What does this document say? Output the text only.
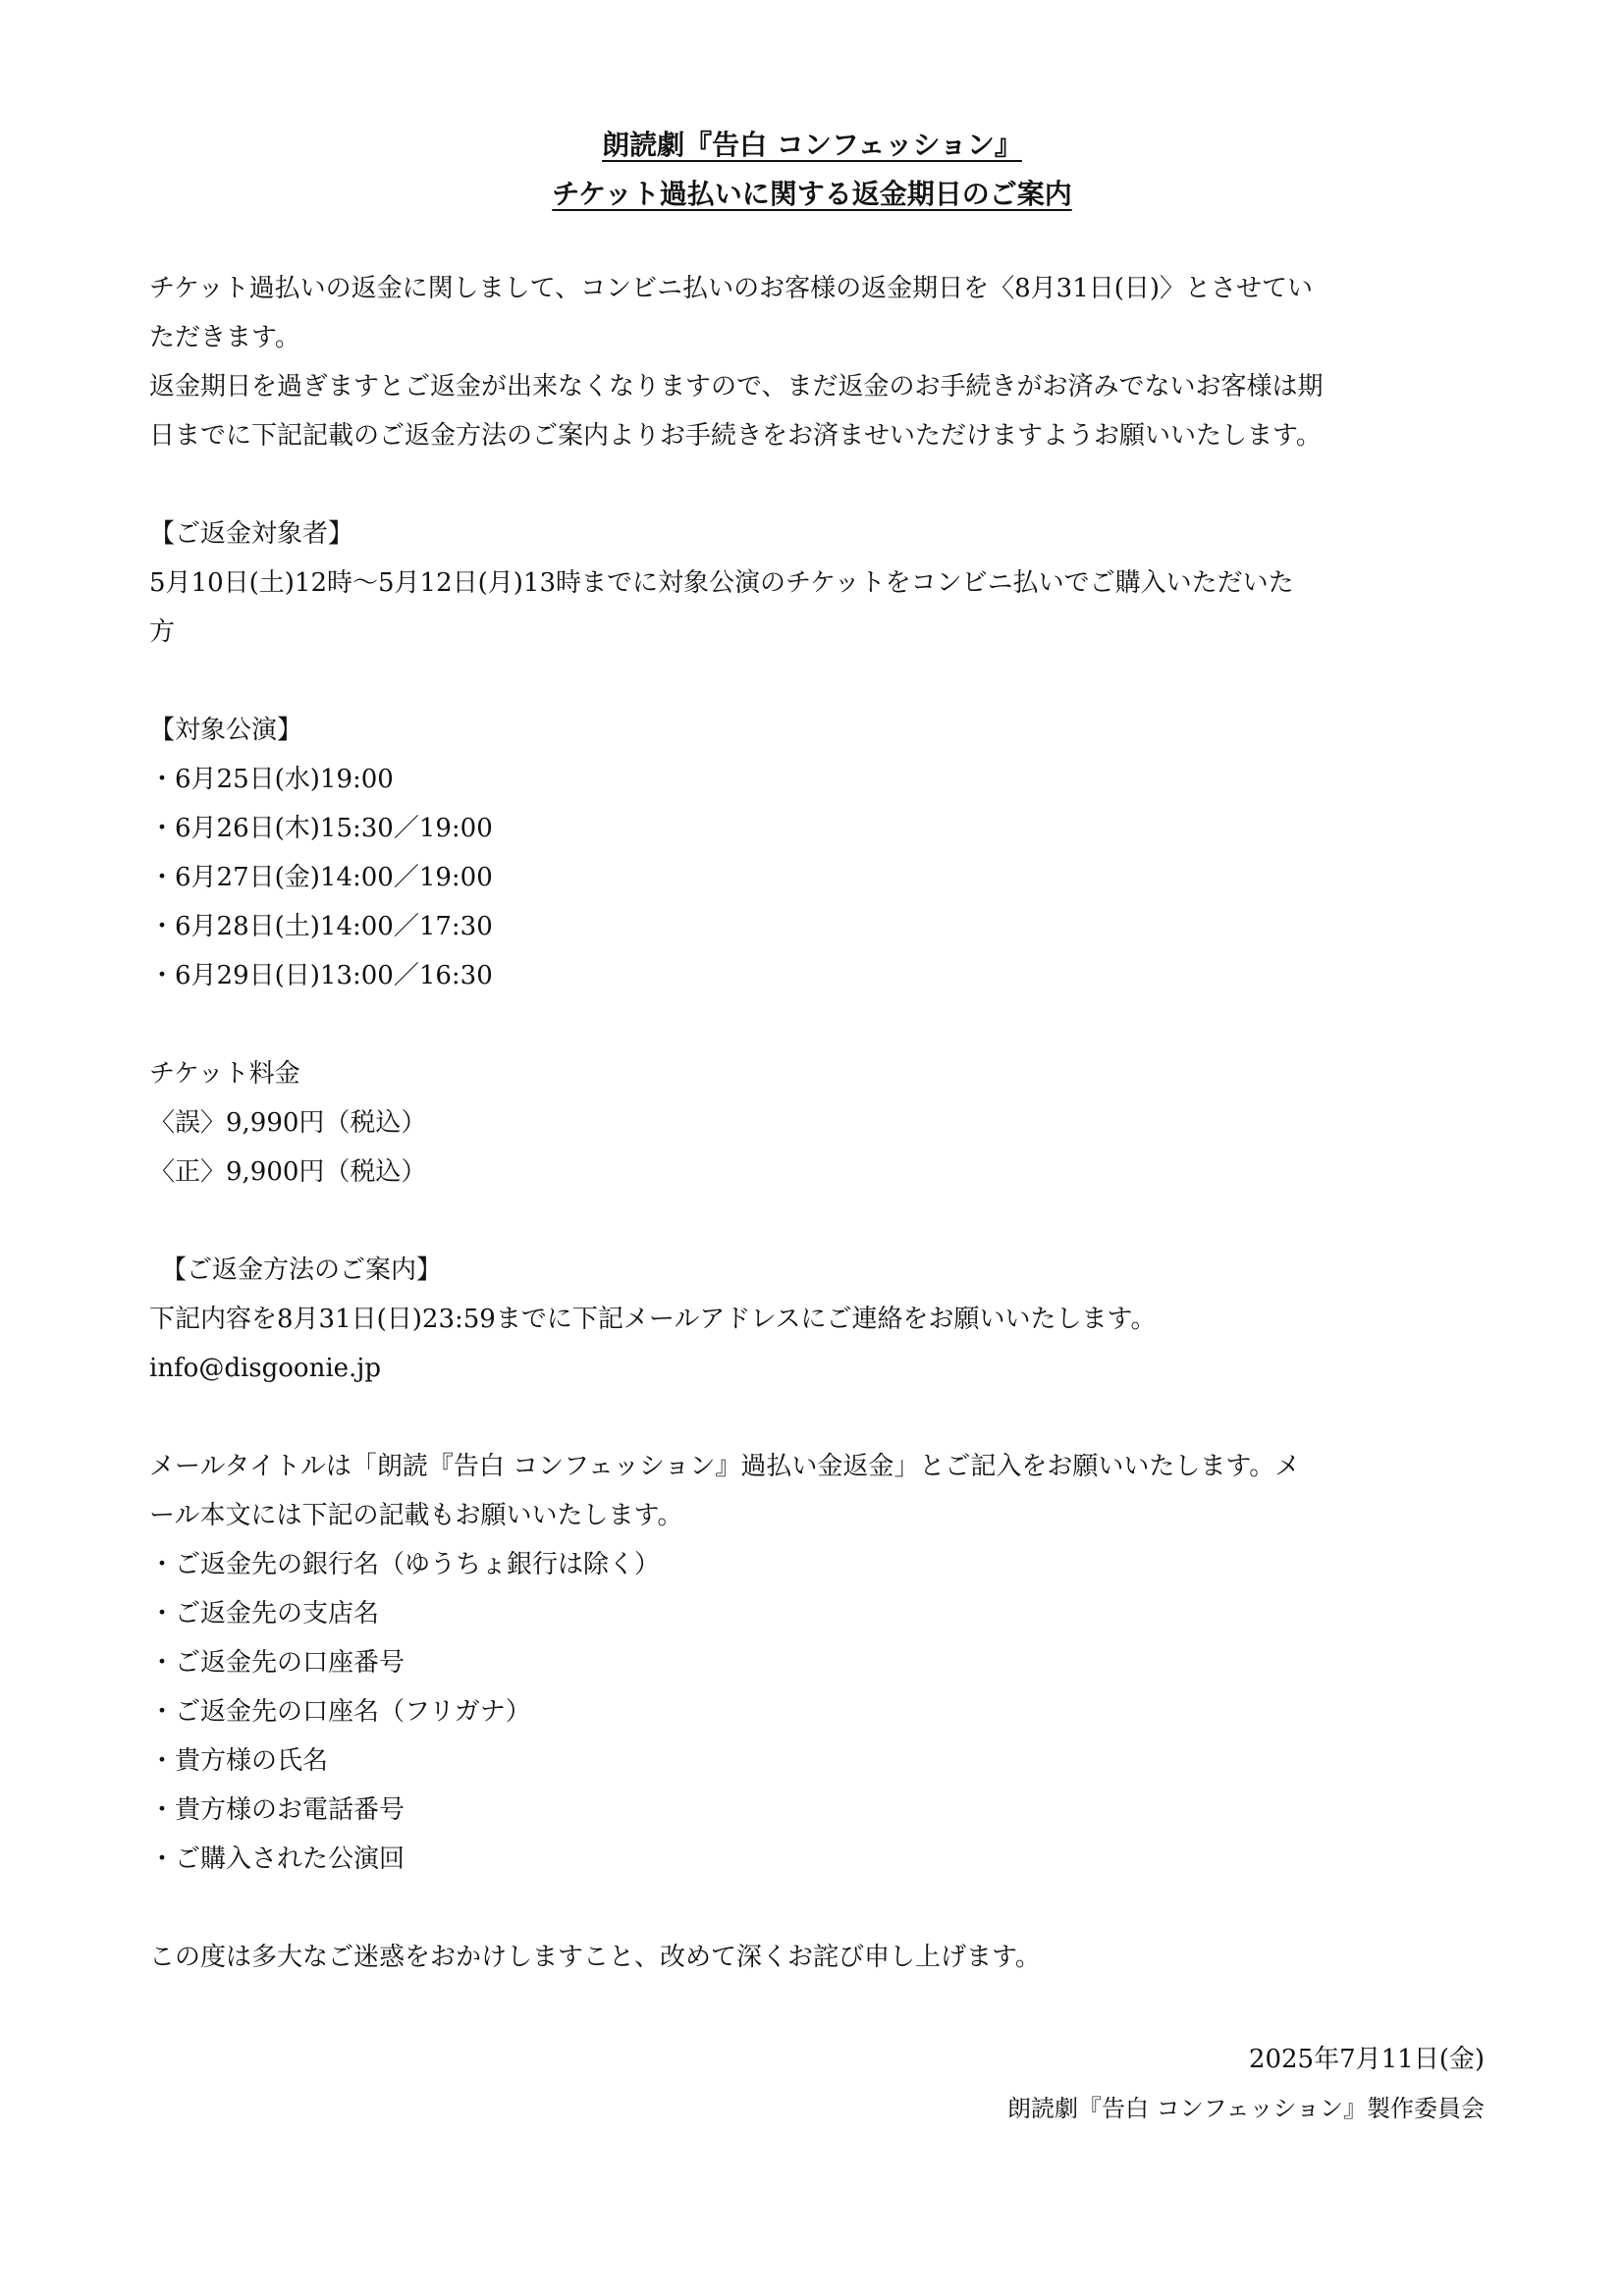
朗読劇『告白 コンフェッション』
チケット過払いに関する返金期日のご案内
チケット過払いの返金に関しまして、コンビニ払いのお客様の返金期日を〈8月31日(日)〉とさせてい
ただきます。
返金期日を過ぎますとご返金が出来なくなりますので、まだ返金のお手続きがお済みでないお客様は期
日までに下記記載のご返金方法のご案内よりお手続きをお済ませいただけますようお願いいたします。
【ご返金対象者】
5月10日(土)12時〜5月12日(月)13時までに対象公演のチケットをコンビニ払いでご購入いただいた
方
【対象公演】
・6月25日(水)19:00
・6月26日(木)15:30／19:00
・6月27日(金)14:00／19:00
・6月28日(土)14:00／17:30
・6月29日(日)13:00／16:30
チケット料金
〈誤〉9,990円（税込）
〈正〉9,900円（税込）
【ご返金方法のご案内】
下記内容を8月31日(日)23:59までに下記メールアドレスにご連絡をお願いいたします。
info@disgoonie.jp
メールタイトルは「朗読『告白 コンフェッション』過払い金返金」とご記入をお願いいたします。メ
ール本文には下記の記載もお願いいたします。
・ご返金先の銀行名（ゆうちょ銀行は除く）
・ご返金先の支店名
・ご返金先の口座番号
・ご返金先の口座名（フリガナ）
・貴方様の氏名
・貴方様のお電話番号
・ご購入された公演回
この度は多大なご迷惑をおかけしますこと、改めて深くお詫び申し上げます。
2025年7月11日(金)
朗読劇『告白 コンフェッション』製作委員会
